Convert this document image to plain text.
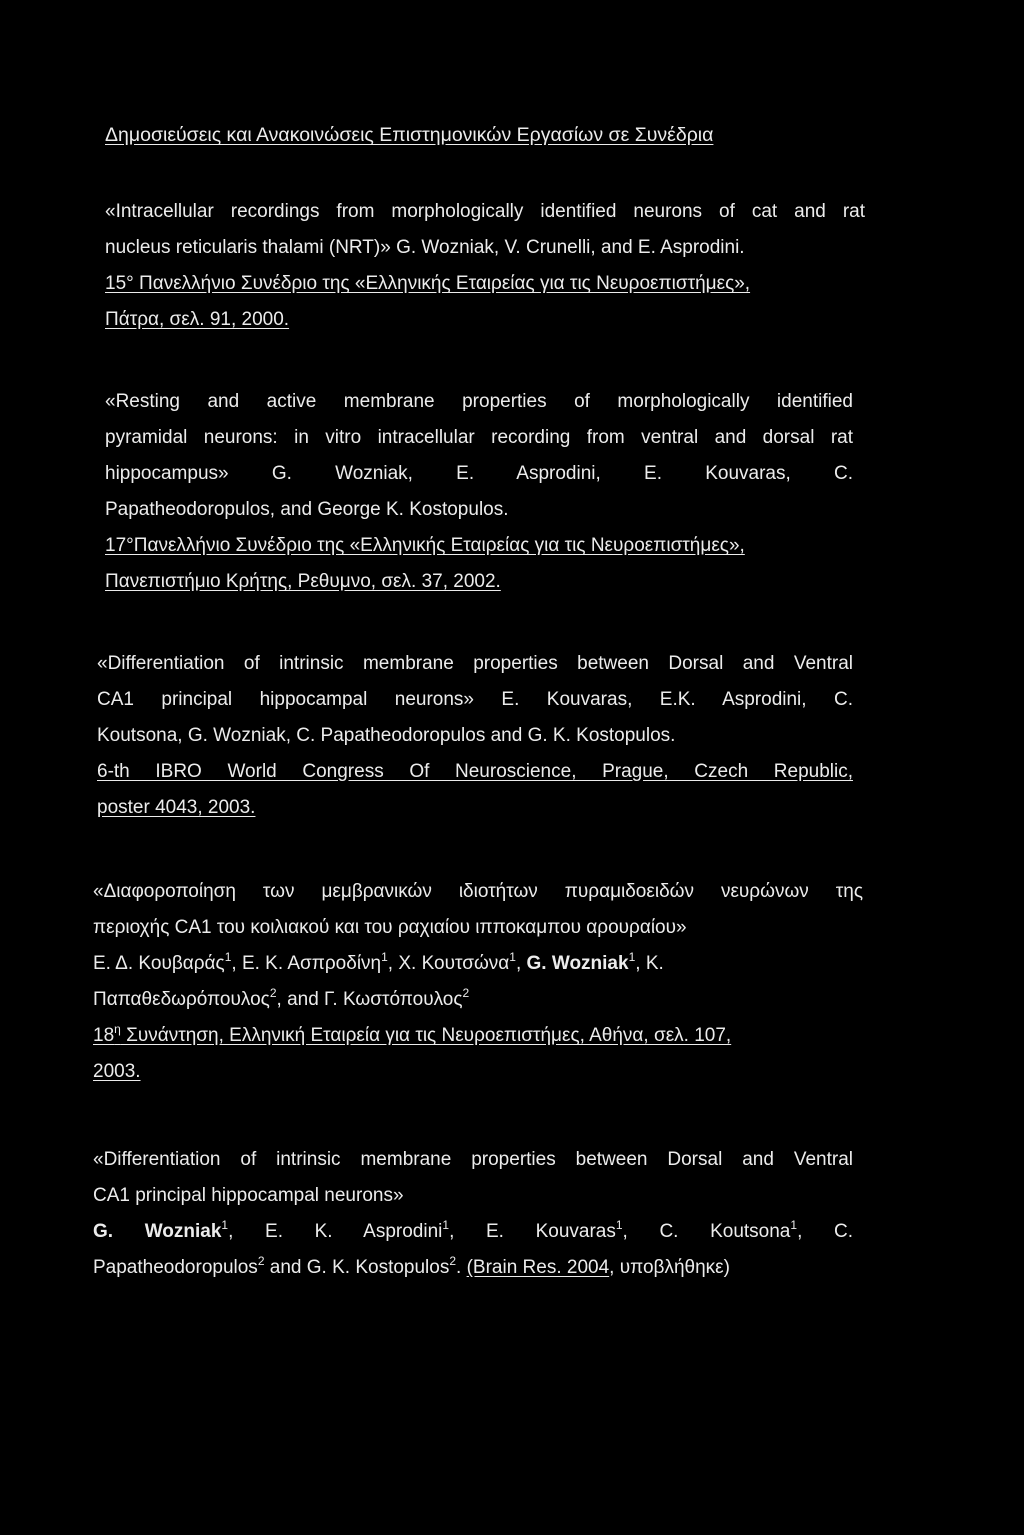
Δημοσιεύσεις και Ανακοινώσεις Επιστημονικών Εργασίων σε Συνέδρια
«Intracellular recordings from morphologically identified neurons of cat and rat
nucleus reticularis thalami (NRT)» G. Wozniak, V. Crunelli, and E. Asprodini.
15° Πανελλήνιο Συνέδριο της «Ελληνικής Εταιρείας για τις Νευροεπιστήμες»,
Πάτρα, σελ. 91, 2000.
«Resting and active membrane properties of morphologically identified
pyramidal neurons: in vitro intracellular recording from ventral and dorsal rat
hippocampus» G. Wozniak, E. Asprodini, E. Kouvaras, C.
Papatheodoropulos, and George K. Kostopulos.
17°Πανελλήνιο Συνέδριο της «Ελληνικής Εταιρείας για τις Νευροεπιστήμες»,
Πανεπιστήμιο Κρήτης, Ρεθυμνο, σελ. 37, 2002.
«Differentiation of intrinsic membrane properties between Dorsal and Ventral
CA1 principal hippocampal neurons» E. Kouvaras, E.K. Asprodini, C.
Koutsona, G. Wozniak, C. Papatheodoropulos and G. K. Kostopulos.
6-th IBRO World Congress Of Neuroscience, Prague, Czech Republic,
poster 4043, 2003.
«Διαφοροποίηση των μεμβρανικών ιδιοτήτων πυραμιδοειδών νευρώνων της
περιοχής CA1 του κοιλιακού και του ραχιαίου ιπποκαμπου αρουραίου»
Ε. Δ. Κουβαράς$^1$, Ε. Κ. Ασπροδίνη$^1$, Χ. Κουτσώνα$^1$, G. Wozniak$^1$, Κ.
Παπαθεδωρόπουλος$^2$, and Γ. Κωστόπουλος$^2$
$18^\eta$ Συνάντηση, Ελληνική Εταιρεία για τις Νευροεπιστήμες, Αθήνα, σελ. 107,
2003.
«Differentiation of intrinsic membrane properties between Dorsal and Ventral
CA1 principal hippocampal neurons»
G. Wozniak$^1$, E. K. Asprodini$^1$, E. Kouvaras$^1$, C. Koutsona$^1$, C.
Papatheodoropulos$^2$ and G. K. Kostopulos$^2$. (Brain Res. 2004, υποβλήθηκε)
